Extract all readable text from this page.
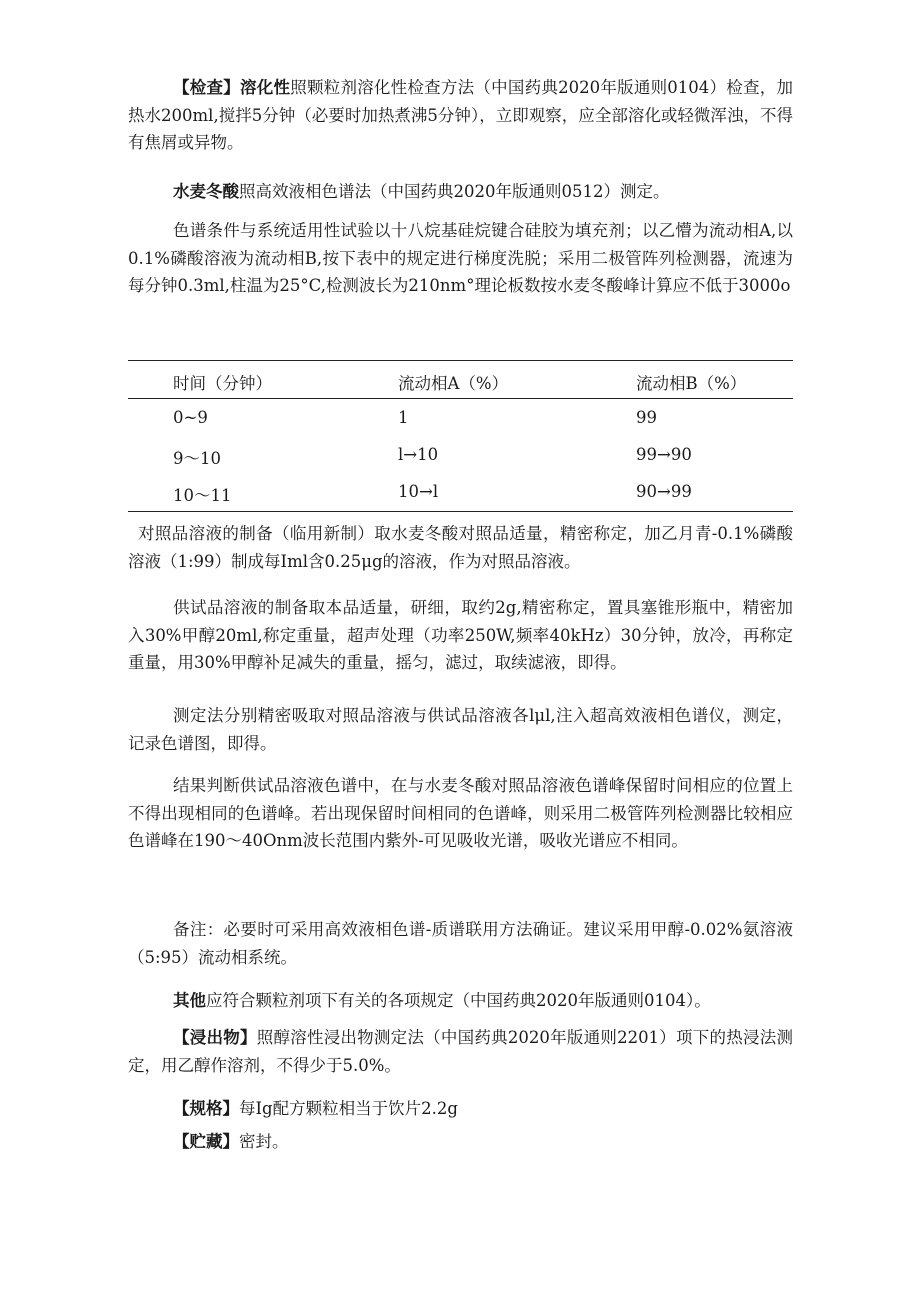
【检查】溶化性照颗粒剂溶化性检查方法（中国药典2020年版通则0104）检查，加热水200ml,搅拌5分钟（必要时加热煮沸5分钟），立即观察，应全部溶化或轻微浑浊，不得有焦屑或异物。

水麦冬酸照高效液相色谱法（中国药典2020年版通则0512）测定。

色谱条件与系统适用性试验以十八烷基硅烷键合硅胶为填充剂；以乙懵为流动相A,以0.1%磷酸溶液为流动相B,按下表中的规定进行梯度洗脱；采用二极管阵列检测器，流速为每分钟0.3ml,柱温为25°C,检测波长为210nm°理论板数按水麦冬酸峰计算应不低于3000o

时间（分钟）	流动相A（%）	流动相B（%）
0~9	1	99
9～10	l→10	99→90
10～11	10→l	90→99

对照品溶液的制备（临用新制）取水麦冬酸对照品适量，精密称定，加乙月青-0.1%磷酸溶液（1:99）制成每Iml含0.25μg的溶液，作为对照品溶液。

供试品溶液的制备取本品适量，研细，取约2g,精密称定，置具塞锥形瓶中，精密加入30%甲醇20ml,称定重量，超声处理（功率250W,频率40kHz）30分钟，放冷，再称定重量，用30%甲醇补足减失的重量，摇匀，滤过，取续滤液，即得。

测定法分别精密吸取对照品溶液与供试品溶液各lμl,注入超高效液相色谱仪，测定，记录色谱图，即得。

结果判断供试品溶液色谱中，在与水麦冬酸对照品溶液色谱峰保留时间相应的位置上不得出现相同的色谱峰。若出现保留时间相同的色谱峰，则采用二极管阵列检测器比较相应色谱峰在190～40Onm波长范围内紫外-可见吸收光谱，吸收光谱应不相同。

备注：必要时可采用高效液相色谱-质谱联用方法确证。建议采用甲醇-0.02%氨溶液（5:95）流动相系统。

其他应符合颗粒剂项下有关的各项规定（中国药典2020年版通则0104）。

【浸出物】照醇溶性浸出物测定法（中国药典2020年版通则2201）项下的热浸法测定，用乙醇作溶剂，不得少于5.0%。

【规格】每Ig配方颗粒相当于饮片2.2g

【贮藏】密封。
